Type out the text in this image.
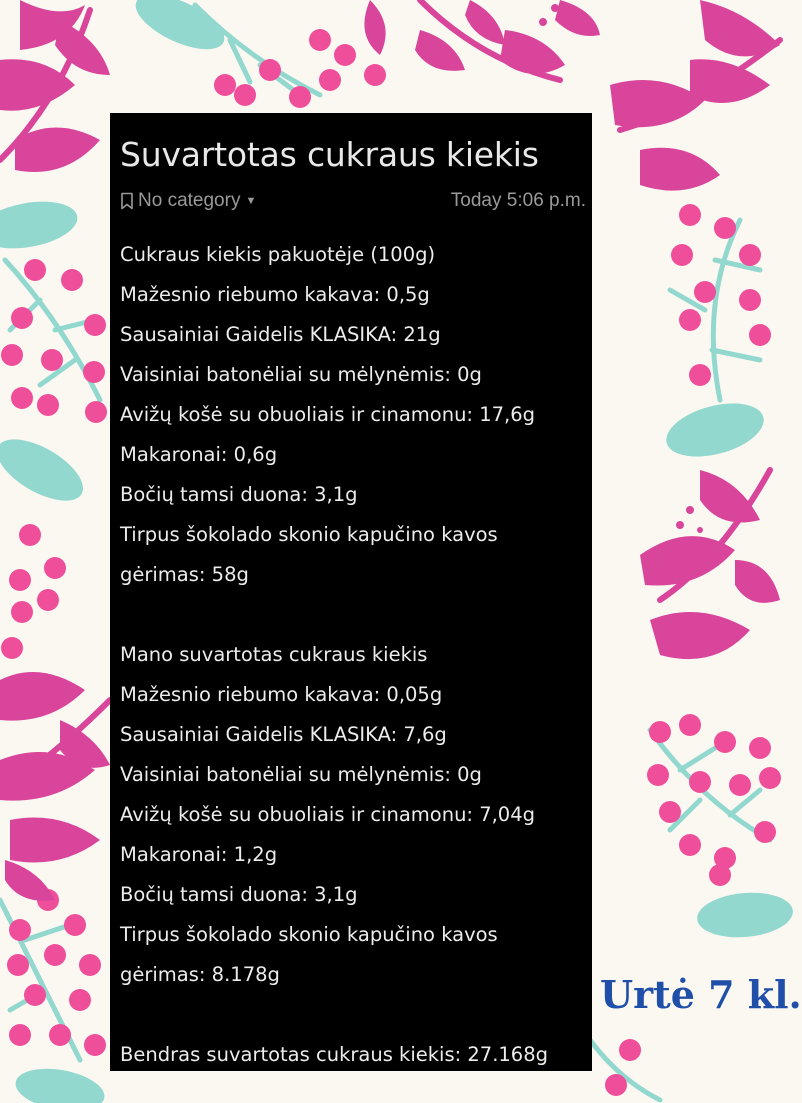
Suvartotas cukraus kiekis
No category ▼	Today 5:06 p.m.
Cukraus kiekis pakuotėje (100g)
Mažesnio riebumo kakava: 0,5g
Sausainiai Gaidelis KLASIKA: 21g
Vaisiniai batonėliai su mėlynėmis: 0g
Avižų košė su obuoliais ir cinamonu: 17,6g
Makaronai: 0,6g
Bočių tamsi duona: 3,1g
Tirpus šokolado skonio kapučino kavos
gėrimas: 58g
Mano suvartotas cukraus kiekis
Mažesnio riebumo kakava: 0,05g
Sausainiai Gaidelis KLASIKA: 7,6g
Vaisiniai batonėliai su mėlynėmis: 0g
Avižų košė su obuoliais ir cinamonu: 7,04g
Makaronai: 1,2g
Bočių tamsi duona: 3,1g
Tirpus šokolado skonio kapučino kavos
gėrimas: 8.178g
Bendras suvartotas cukraus kiekis: 27.168g
Urtė 7 kl.
